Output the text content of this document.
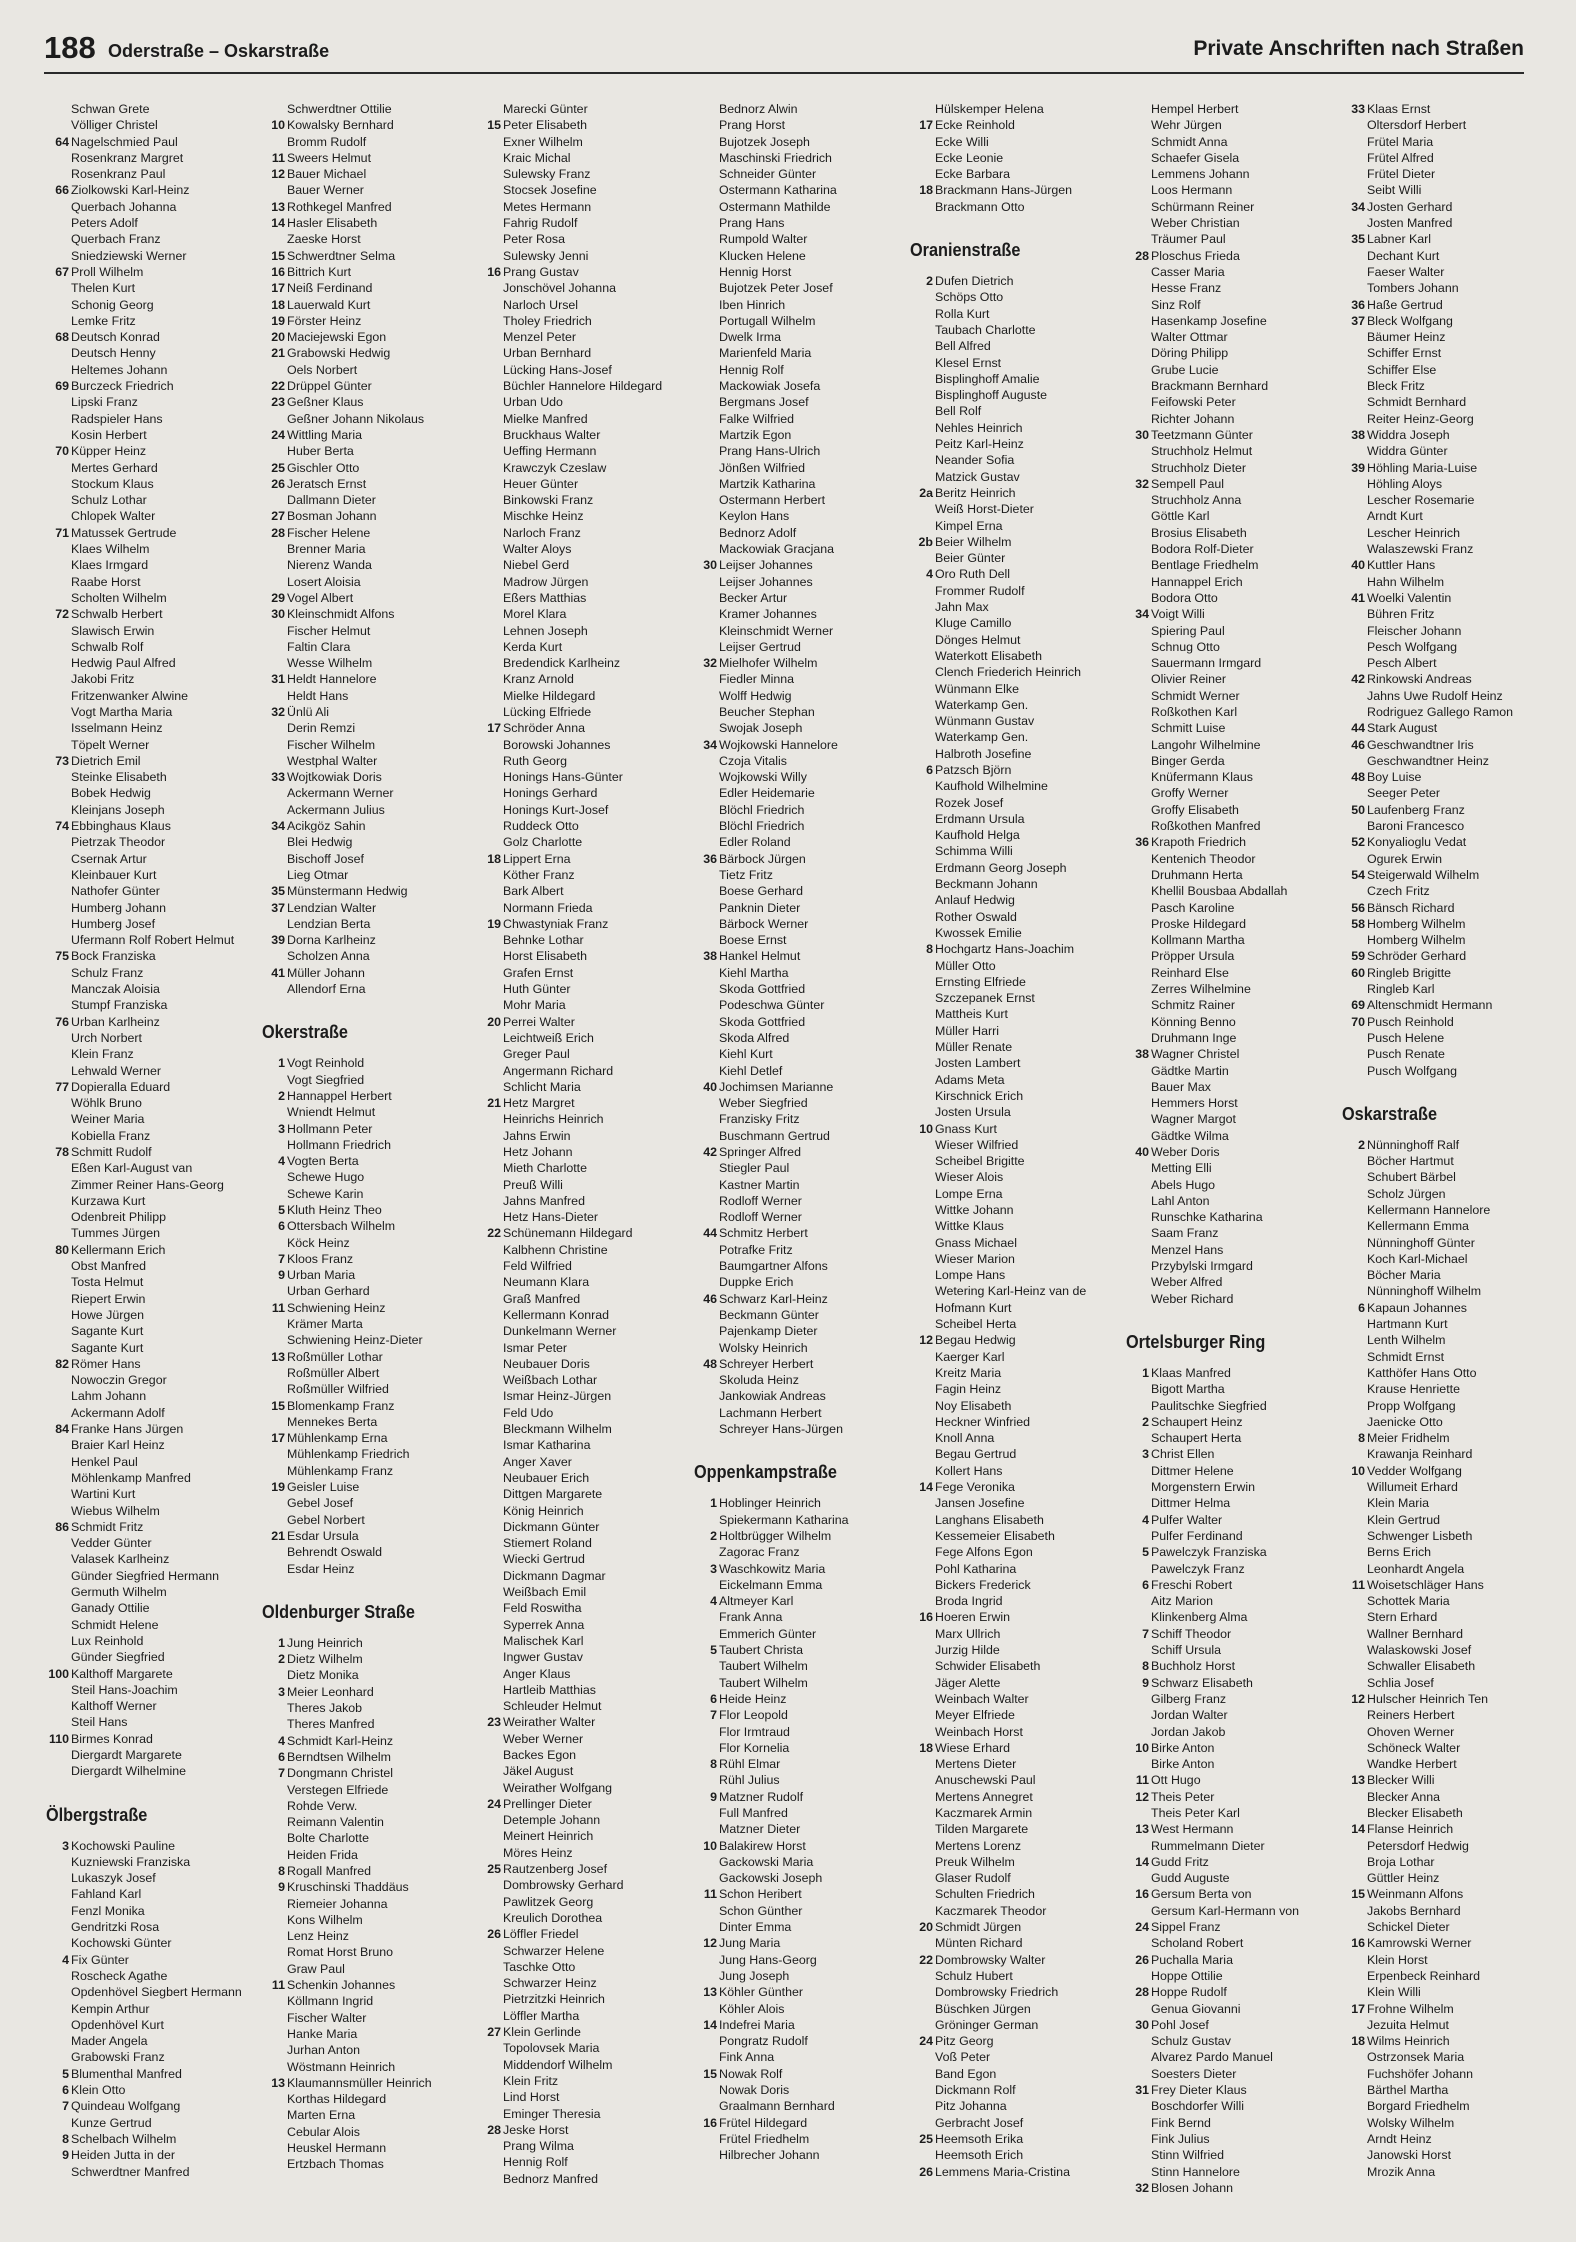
188 Oderstraße – Oskarstraße	Private Anschriften nach Straßen
Schwan Grete
Völliger Christel
64 Nagelschmied Paul
Rosenkranz Margret
Rosenkranz Paul
66 Ziolkowski Karl-Heinz
Querbach Johanna
Peters Adolf
Querbach Franz
Sniedziewski Werner
67 Proll Wilhelm
Thelen Kurt
Schonig Georg
Lemke Fritz
68 Deutsch Konrad
Deutsch Henny
Heltemes Johann
69 Burczeck Friedrich
Lipski Franz
Radspieler Hans
Kosin Herbert
70 Küpper Heinz
Mertes Gerhard
Stockum Klaus
Schulz Lothar
Chlopek Walter
71 Matussek Gertrude
Klaes Wilhelm
Klaes Irmgard
Raabe Horst
Scholten Wilhelm
72 Schwalb Herbert
Slawisch Erwin
Schwalb Rolf
Hedwig Paul Alfred
Jakobi Fritz
Fritzenwanker Alwine
Vogt Martha Maria
Isselmann Heinz
Töpelt Werner
73 Dietrich Emil
Steinke Elisabeth
Bobek Hedwig
Kleinjans Joseph
74 Ebbinghaus Klaus
Pietrzak Theodor
Csernak Artur
Kleinbauer Kurt
Nathofer Günter
Humberg Johann
Humberg Josef
Ufermann Rolf Robert Helmut
75 Bock Franziska
Schulz Franz
Manczak Aloisia
Stumpf Franziska
76 Urban Karlheinz
Urch Norbert
Klein Franz
Lehwald Werner
77 Dopieralla Eduard
Wöhlk Bruno
Weiner Maria
Kobiella Franz
78 Schmitt Rudolf
Eßen Karl-August van
Zimmer Reiner Hans-Georg
Kurzawa Kurt
Odenbreit Philipp
Tummes Jürgen
80 Kellermann Erich
Obst Manfred
Tosta Helmut
Riepert Erwin
Howe Jürgen
Sagante Kurt
Sagante Kurt
82 Römer Hans
Nowoczin Gregor
Lahm Johann
Ackermann Adolf
84 Franke Hans Jürgen
Braier Karl Heinz
Henkel Paul
Möhlenkamp Manfred
Wartini Kurt
Wiebus Wilhelm
86 Schmidt Fritz
Vedder Günter
Valasek Karlheinz
Günder Siegfried Hermann
Germuth Wilhelm
Ganady Ottilie
Schmidt Helene
Lux Reinhold
Günder Siegfried
100 Kalthoff Margarete
Steil Hans-Joachim
Kalthoff Werner
Steil Hans
110 Birmes Konrad
Diergardt Margarete
Diergardt Wilhelmine
Ölbergstraße
3 Kochowski Pauline
Kuzniewski Franziska
Lukaszyk Josef
Fahland Karl
Fenzl Monika
Gendritzki Rosa
Kochowski Günter
4 Fix Günter
Roscheck Agathe
Opdenhövel Siegbert Hermann
Kempin Arthur
Opdenhövel Kurt
Mader Angela
Grabowski Franz
5 Blumenthal Manfred
6 Klein Otto
7 Quindeau Wolfgang
Kunze Gertrud
8 Schelbach Wilhelm
9 Heiden Jutta in der
Schwerdtner Manfred
Schwerdtner Ottilie
10 Kowalsky Bernhard
Bromm Rudolf
11 Sweers Helmut
12 Bauer Michael
Bauer Werner
13 Rothkegel Manfred
14 Hasler Elisabeth
Zaeske Horst
15 Schwerdtner Selma
16 Bittrich Kurt
17 Neiß Ferdinand
18 Lauerwald Kurt
19 Förster Heinz
20 Maciejewski Egon
21 Grabowski Hedwig
Oels Norbert
22 Drüppel Günter
23 Geßner Klaus
Geßner Johann Nikolaus
24 Wittling Maria
Huber Berta
25 Gischler Otto
26 Jeratsch Ernst
Dallmann Dieter
27 Bosman Johann
28 Fischer Helene
Brenner Maria
Nierenz Wanda
Losert Aloisia
29 Vogel Albert
30 Kleinschmidt Alfons
Fischer Helmut
Faltin Clara
Wesse Wilhelm
31 Heldt Hannelore
Heldt Hans
32 Ünlü Ali
Derin Remzi
Fischer Wilhelm
Westphal Walter
33 Wojtkowiak Doris
Ackermann Werner
Ackermann Julius
34 Acikgöz Sahin
Blei Hedwig
Bischoff Josef
Lieg Otmar
35 Münstermann Hedwig
37 Lendzian Walter
Lendzian Berta
39 Dorna Karlheinz
Scholzen Anna
41 Müller Johann
Allendorf Erna
Okerstraße
1 Vogt Reinhold
Vogt Siegfried
2 Hannappel Herbert
Wniendt Helmut
3 Hollmann Peter
Hollmann Friedrich
4 Vogten Berta
Schewe Hugo
Schewe Karin
5 Kluth Heinz Theo
6 Ottersbach Wilhelm
Köck Heinz
7 Kloos Franz
9 Urban Maria
Urban Gerhard
11 Schwiening Heinz
Krämer Marta
Schwiening Heinz-Dieter
13 Roßmüller Lothar
Roßmüller Albert
Roßmüller Wilfried
15 Blomenkamp Franz
Mennekes Berta
17 Mühlenkamp Erna
Mühlenkamp Friedrich
Mühlenkamp Franz
19 Geisler Luise
Gebel Josef
Gebel Norbert
21 Esdar Ursula
Behrendt Oswald
Esdar Heinz
Oldenburger Straße
1 Jung Heinrich
2 Dietz Wilhelm
Dietz Monika
3 Meier Leonhard
Theres Jakob
Theres Manfred
4 Schmidt Karl-Heinz
6 Berndtsen Wilhelm
7 Dongmann Christel
Verstegen Elfriede
Rohde Verw.
Reimann Valentin
Bolte Charlotte
Heiden Frida
8 Rogall Manfred
9 Kruschinski Thaddäus
Riemeier Johanna
Kons Wilhelm
Lenz Heinz
Romat Horst Bruno
Graw Paul
11 Schenkin Johannes
Köllmann Ingrid
Fischer Walter
Hanke Maria
Jurhan Anton
Wöstmann Heinrich
13 Klaumannsmüller Heinrich
Korthas Hildegard
Marten Erna
Cebular Alois
Heuskel Hermann
Ertzbach Thomas
Marecki Günter
15 Peter Elisabeth
Exner Wilhelm
Kraic Michal
Sulewsky Franz
Stocsek Josefine
Metes Hermann
Fahrig Rudolf
Peter Rosa
Sulewsky Jenni
16 Prang Gustav
Jonschövel Johanna
Narloch Ursel
Tholey Friedrich
Menzel Peter
Urban Bernhard
Lücking Hans-Josef
Büchler Hannelore Hildegard
Urban Udo
Mielke Manfred
Bruckhaus Walter
Ueffing Hermann
Krawczyk Czeslaw
Heuer Günter
Binkowski Franz
Mischke Heinz
Narloch Franz
Walter Aloys
Niebel Gerd
Madrow Jürgen
Eßers Matthias
Morel Klara
Lehnen Joseph
Kerda Kurt
Bredendick Karlheinz
Kranz Arnold
Mielke Hildegard
Lücking Elfriede
17 Schröder Anna
Borowski Johannes
Ruth Georg
Honings Hans-Günter
Honings Gerhard
Honings Kurt-Josef
Ruddeck Otto
Golz Charlotte
18 Lippert Erna
Köther Franz
Bark Albert
Normann Frieda
19 Chwastyniak Franz
Behnke Lothar
Horst Elisabeth
Grafen Ernst
Huth Günter
Mohr Maria
20 Perrei Walter
Leichtweiß Erich
Greger Paul
Angermann Richard
Schlicht Maria
21 Hetz Margret
Heinrichs Heinrich
Jahns Erwin
Hetz Johann
Mieth Charlotte
Preuß Willi
Jahns Manfred
Hetz Hans-Dieter
22 Schünemann Hildegard
Kalbhenn Christine
Feld Wilfried
Neumann Klara
Graß Manfred
Kellermann Konrad
Dunkelmann Werner
Ismar Peter
Neubauer Doris
Weißbach Lothar
Ismar Heinz-Jürgen
Feld Udo
Bleckmann Wilhelm
Ismar Katharina
Anger Xaver
Neubauer Erich
Dittgen Margarete
König Heinrich
Dickmann Günter
Stiemert Roland
Wiecki Gertrud
Dickmann Dagmar
Weißbach Emil
Feld Roswitha
Syperrek Anna
Malischek Karl
Ingwer Gustav
Anger Klaus
Hartleib Matthias
Schleuder Helmut
23 Weirather Walter
Weber Werner
Backes Egon
Jäkel August
Weirather Wolfgang
24 Prellinger Dieter
Detemple Johann
Meinert Heinrich
Möres Heinz
25 Rautzenberg Josef
Dombrowsky Gerhard
Pawlitzek Georg
Kreulich Dorothea
26 Löffler Friedel
Schwarzer Helene
Taschke Otto
Schwarzer Heinz
Pietrzitzki Heinrich
Löffler Martha
27 Klein Gerlinde
Topolovsek Maria
Middendorf Wilhelm
Klein Fritz
Lind Horst
Eminger Theresia
28 Jeske Horst
Prang Wilma
Hennig Rolf
Bednorz Manfred
Bednorz Alwin
Prang Horst
Bujotzek Joseph
Maschinski Friedrich
Schneider Günter
Ostermann Katharina
Ostermann Mathilde
Prang Hans
Rumpold Walter
Klucken Helene
Hennig Horst
Bujotzek Peter Josef
Iben Hinrich
Portugall Wilhelm
Dwelk Irma
Marienfeld Maria
Hennig Rolf
Mackowiak Josefa
Bergmans Josef
Falke Wilfried
Martzik Egon
Prang Hans-Ulrich
Jönßen Wilfried
Martzik Katharina
Ostermann Herbert
Keylon Hans
Bednorz Adolf
Mackowiak Gracjana
30 Leijser Johannes
Leijser Johannes
Becker Artur
Kramer Johannes
Kleinschmidt Werner
Leijser Gertrud
32 Mielhofer Wilhelm
Fiedler Minna
Wolff Hedwig
Beucher Stephan
Swojak Joseph
34 Wojkowski Hannelore
Czoja Vitalis
Wojkowski Willy
Edler Heidemarie
Blöchl Friedrich
Blöchl Friedrich
Edler Roland
36 Bärbock Jürgen
Tietz Fritz
Boese Gerhard
Panknin Dieter
Bärbock Werner
Boese Ernst
38 Hankel Helmut
Kiehl Martha
Skoda Gottfried
Podeschwa Günter
Skoda Gottfried
Skoda Alfred
Kiehl Kurt
Kiehl Detlef
40 Jochimsen Marianne
Weber Siegfried
Franzisky Fritz
Buschmann Gertrud
42 Springer Alfred
Stiegler Paul
Kastner Martin
Rodloff Werner
Rodloff Werner
44 Schmitz Herbert
Potrafke Fritz
Baumgartner Alfons
Duppke Erich
46 Schwarz Karl-Heinz
Beckmann Günter
Pajenkamp Dieter
Wolsky Heinrich
48 Schreyer Herbert
Skoluda Heinz
Jankowiak Andreas
Lachmann Herbert
Schreyer Hans-Jürgen
Oppenkampstraße
1 Hoblinger Heinrich
Spiekermann Katharina
2 Holtbrügger Wilhelm
Zagorac Franz
3 Waschkowitz Maria
Eickelmann Emma
4 Altmeyer Karl
Frank Anna
Emmerich Günter
5 Taubert Christa
Taubert Wilhelm
Taubert Wilhelm
6 Heide Heinz
7 Flor Leopold
Flor Irmtraud
Flor Kornelia
8 Rühl Elmar
Rühl Julius
9 Matzner Rudolf
Full Manfred
Matzner Dieter
10 Balakirew Horst
Gackowski Maria
Gackowski Joseph
11 Schon Heribert
Schon Günther
Dinter Emma
12 Jung Maria
Jung Hans-Georg
Jung Joseph
13 Köhler Günther
Köhler Alois
14 Indefrei Maria
Pongratz Rudolf
Fink Anna
15 Nowak Rolf
Nowak Doris
Graalmann Bernhard
16 Frütel Hildegard
Frütel Friedhelm
Hilbrecher Johann
Hülskemper Helena
17 Ecke Reinhold
Ecke Willi
Ecke Leonie
Ecke Barbara
18 Brackmann Hans-Jürgen
Brackmann Otto
Oranienstraße
2 Dufen Dietrich
Schöps Otto
Rolla Kurt
Taubach Charlotte
Bell Alfred
Klesel Ernst
Bisplinghoff Amalie
Bisplinghoff Auguste
Bell Rolf
Nehles Heinrich
Peitz Karl-Heinz
Neander Sofia
Matzick Gustav
2a Beritz Heinrich
Weiß Horst-Dieter
Kimpel Erna
2b Beier Wilhelm
Beier Günter
4 Oro Ruth Dell
Frommer Rudolf
Jahn Max
Kluge Camillo
Dönges Helmut
Waterkott Elisabeth
Clench Friederich Heinrich
Wünmann Elke
Waterkamp Gen.
Wünmann Gustav
Waterkamp Gen.
Halbroth Josefine
6 Patzsch Björn
Kaufhold Wilhelmine
Rozek Josef
Erdmann Ursula
Kaufhold Helga
Schimma Willi
Erdmann Georg Joseph
Beckmann Johann
Anlauf Hedwig
Rother Oswald
Kwossek Emilie
8 Hochgartz Hans-Joachim
Müller Otto
Ernsting Elfriede
Szczepanek Ernst
Mattheis Kurt
Müller Harri
Müller Renate
Josten Lambert
Adams Meta
Kirschnick Erich
Josten Ursula
10 Gnass Kurt
Wieser Wilfried
Scheibel Brigitte
Wieser Alois
Lompe Erna
Wittke Johann
Wittke Klaus
Gnass Michael
Wieser Marion
Lompe Hans
Wetering Karl-Heinz van de
Hofmann Kurt
Scheibel Herta
12 Begau Hedwig
Kaerger Karl
Kreitz Maria
Fagin Heinz
Noy Elisabeth
Heckner Winfried
Knoll Anna
Begau Gertrud
Kollert Hans
14 Fege Veronika
Jansen Josefine
Langhans Elisabeth
Kessemeier Elisabeth
Fege Alfons Egon
Pohl Katharina
Bickers Frederick
Broda Ingrid
16 Hoeren Erwin
Marx Ullrich
Jurzig Hilde
Schwider Elisabeth
Jäger Alette
Weinbach Walter
Meyer Elfriede
Weinbach Horst
18 Wiese Erhard
Mertens Dieter
Anuschewski Paul
Mertens Annegret
Kaczmarek Armin
Tilden Margarete
Mertens Lorenz
Preuk Wilhelm
Glaser Rudolf
Schulten Friedrich
Kaczmarek Theodor
20 Schmidt Jürgen
Münten Richard
22 Dombrowsky Walter
Schulz Hubert
Dombrowsky Friedrich
Büschken Jürgen
Gröninger German
24 Pitz Georg
Voß Peter
Band Egon
Dickmann Rolf
Pitz Johanna
Gerbracht Josef
25 Heemsoth Erika
Heemsoth Erich
26 Lemmens Maria-Cristina
Hempel Herbert
Wehr Jürgen
Schmidt Anna
Schaefer Gisela
Lemmens Johann
Loos Hermann
Schürmann Reiner
Weber Christian
Träumer Paul
28 Ploschus Frieda
Casser Maria
Hesse Franz
Sinz Rolf
Hasenkamp Josefine
Walter Ottmar
Döring Philipp
Grube Lucie
Brackmann Bernhard
Feifowski Peter
Richter Johann
30 Teetzmann Günter
Struchholz Helmut
Struchholz Dieter
32 Sempell Paul
Struchholz Anna
Göttle Karl
Brosius Elisabeth
Bodora Rolf-Dieter
Bentlage Friedhelm
Hannappel Erich
Bodora Otto
34 Voigt Willi
Spiering Paul
Schnug Otto
Sauermann Irmgard
Olivier Reiner
Schmidt Werner
Roßkothen Karl
Schmitt Luise
Langohr Wilhelmine
Binger Gerda
Knüfermann Klaus
Groffy Werner
Groffy Elisabeth
Roßkothen Manfred
36 Krapoth Friedrich
Kentenich Theodor
Druhmann Herta
Khellil Bousbaa Abdallah
Pasch Karoline
Proske Hildegard
Kollmann Martha
Pröpper Ursula
Reinhard Else
Zerres Wilhelmine
Schmitz Rainer
Könning Benno
Druhmann Inge
38 Wagner Christel
Gädtke Martin
Bauer Max
Hemmers Horst
Wagner Margot
Gädtke Wilma
40 Weber Doris
Metting Elli
Abels Hugo
Lahl Anton
Runschke Katharina
Saam Franz
Menzel Hans
Przybylski Irmgard
Weber Alfred
Weber Richard
Ortelsburger Ring
1 Klaas Manfred
Bigott Martha
Paulitschke Siegfried
2 Schaupert Heinz
Schaupert Herta
3 Christ Ellen
Dittmer Helene
Morgenstern Erwin
Dittmer Helma
4 Pulfer Walter
Pulfer Ferdinand
5 Pawelczyk Franziska
Pawelczyk Franz
6 Freschi Robert
Aitz Marion
Klinkenberg Alma
7 Schiff Theodor
Schiff Ursula
8 Buchholz Horst
9 Schwarz Elisabeth
Gilberg Franz
Jordan Walter
Jordan Jakob
10 Birke Anton
Birke Anton
11 Ott Hugo
12 Theis Peter
Theis Peter Karl
13 West Hermann
Rummelmann Dieter
14 Gudd Fritz
Gudd Auguste
16 Gersum Berta von
Gersum Karl-Hermann von
24 Sippel Franz
Scholand Robert
26 Puchalla Maria
Hoppe Ottilie
28 Hoppe Rudolf
Genua Giovanni
30 Pohl Josef
Schulz Gustav
Alvarez Pardo Manuel
Soesters Dieter
31 Frey Dieter Klaus
Boschdorfer Willi
Fink Bernd
Fink Julius
Stinn Wilfried
Stinn Hannelore
32 Blosen Johann
33 Klaas Ernst
Oltersdorf Herbert
Frütel Maria
Frütel Alfred
Frütel Dieter
Seibt Willi
34 Josten Gerhard
Josten Manfred
35 Labner Karl
Dechant Kurt
Faeser Walter
Tombers Johann
36 Haße Gertrud
37 Bleck Wolfgang
Bäumer Heinz
Schiffer Ernst
Schiffer Else
Bleck Fritz
Schmidt Bernhard
Reiter Heinz-Georg
38 Widdra Joseph
Widdra Günter
39 Höhling Maria-Luise
Höhling Aloys
Lescher Rosemarie
Arndt Kurt
Lescher Heinrich
Walaszewski Franz
40 Kuttler Hans
Hahn Wilhelm
41 Woelki Valentin
Bühren Fritz
Fleischer Johann
Pesch Wolfgang
Pesch Albert
42 Rinkowski Andreas
Jahns Uwe Rudolf Heinz
Rodriguez Gallego Ramon
44 Stark August
46 Geschwandtner Iris
Geschwandtner Heinz
48 Boy Luise
Seeger Peter
50 Laufenberg Franz
Baroni Francesco
52 Konyalioglu Vedat
Ogurek Erwin
54 Steigerwald Wilhelm
Czech Fritz
56 Bänsch Richard
58 Homberg Wilhelm
Homberg Wilhelm
59 Schröder Gerhard
60 Ringleb Brigitte
Ringleb Karl
69 Altenschmidt Hermann
70 Pusch Reinhold
Pusch Helene
Pusch Renate
Pusch Wolfgang
Oskarstraße
2 Nünninghoff Ralf
Böcher Hartmut
Schubert Bärbel
Scholz Jürgen
Kellermann Hannelore
Kellermann Emma
Nünninghoff Günter
Koch Karl-Michael
Böcher Maria
Nünninghoff Wilhelm
6 Kapaun Johannes
Hartmann Kurt
Lenth Wilhelm
Schmidt Ernst
Katthöfer Hans Otto
Krause Henriette
Propp Wolfgang
Jaenicke Otto
8 Meier Fridhelm
Krawanja Reinhard
10 Vedder Wolfgang
Willumeit Erhard
Klein Maria
Klein Gertrud
Schwenger Lisbeth
Berns Erich
Leonhardt Angela
11 Woisetschläger Hans
Schottek Maria
Stern Erhard
Wallner Bernhard
Walaskowski Josef
Schwaller Elisabeth
Schlia Josef
12 Hulscher Heinrich Ten
Reiners Herbert
Ohoven Werner
Schöneck Walter
Wandke Herbert
13 Blecker Willi
Blecker Anna
Blecker Elisabeth
14 Flanse Heinrich
Petersdorf Hedwig
Broja Lothar
Güttler Heinz
15 Weinmann Alfons
Jakobs Bernhard
Schickel Dieter
16 Kamrowski Werner
Klein Horst
Erpenbeck Reinhard
Klein Willi
17 Frohne Wilhelm
Jezuita Helmut
18 Wilms Heinrich
Ostrzonsek Maria
Fuchshöfer Johann
Bärthel Martha
Borgard Friedhelm
Wolsky Wilhelm
Arndt Heinz
Janowski Horst
Mrozik Anna
